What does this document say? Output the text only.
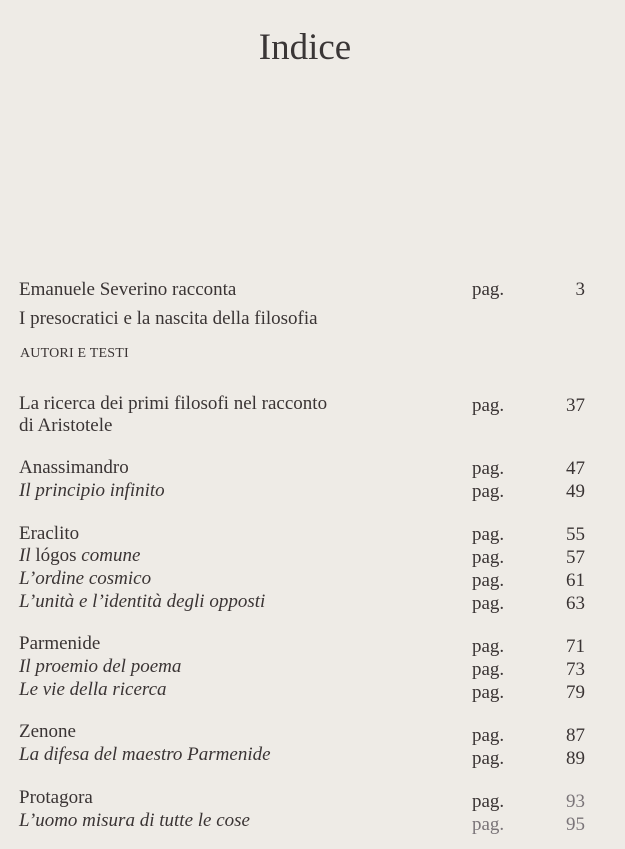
Indice
Emanuele Severino racconta
I presocratici e la nascita della filosofia
pag.	3
AUTORI E TESTI
La ricerca dei primi filosofi nel racconto
di Aristotele
pag.	37
Anassimandro	pag.	47
Il principio infinito	pag.	49
Eraclito	pag.	55
Il lógos comune	pag.	57
L’ordine cosmico	pag.	61
L’unità e l’identità degli opposti	pag.	63
Parmenide	pag.	71
Il proemio del poema	pag.	73
Le vie della ricerca	pag.	79
Zenone	pag.	87
La difesa del maestro Parmenide	pag.	89
Protagora	pag.	93
L’uomo misura di tutte le cose	pag.	95
